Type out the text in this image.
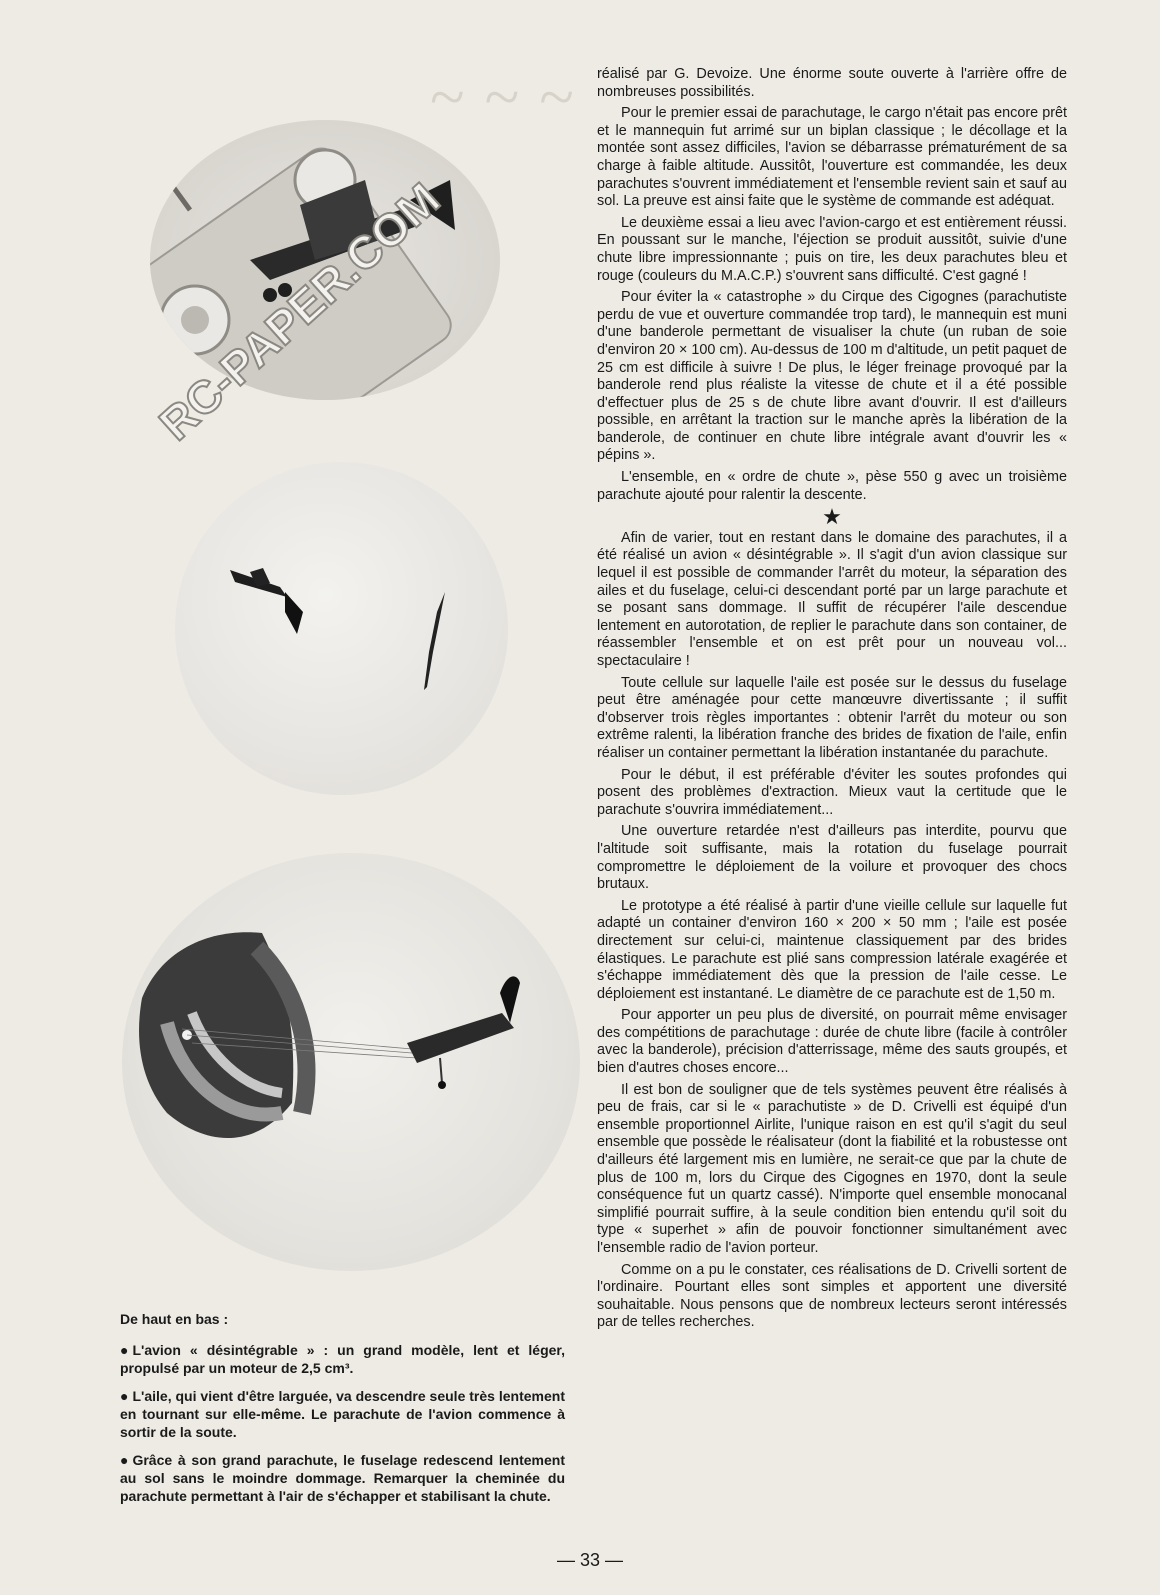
~ ~ ~
RC-PAPER.COM
De haut en bas :

● L'avion « désintégrable » : un grand modèle, lent et léger, propulsé par un moteur de 2,5 cm³.

● L'aile, qui vient d'être larguée, va descendre seule très lentement en tournant sur elle-même. Le parachute de l'avion commence à sortir de la soute.

● Grâce à son grand parachute, le fuselage redescend lentement au sol sans le moindre dommage. Remarquer la cheminée du parachute permettant à l'air de s'échapper et stabilisant la chute.

réalisé par G. Devoize. Une énorme soute ouverte à l'arrière offre de nombreuses possibilités.

Pour le premier essai de parachutage, le cargo n'était pas encore prêt et le mannequin fut arrimé sur un biplan classique ; le décollage et la montée sont assez difficiles, l'avion se débarrasse prématurément de sa charge à faible altitude. Aussitôt, l'ouverture est commandée, les deux parachutes s'ouvrent immédiatement et l'ensemble revient sain et sauf au sol. La preuve est ainsi faite que le système de commande est adéquat.

Le deuxième essai a lieu avec l'avion-cargo et est entièrement réussi. En poussant sur le manche, l'éjection se produit aussitôt, suivie d'une chute libre impressionnante ; puis on tire, les deux parachutes bleu et rouge (couleurs du M.A.C.P.) s'ouvrent sans difficulté. C'est gagné !

Pour éviter la « catastrophe » du Cirque des Cigognes (parachutiste perdu de vue et ouverture commandée trop tard), le mannequin est muni d'une banderole permettant de visualiser la chute (un ruban de soie d'environ 20 × 100 cm). Au-dessus de 100 m d'altitude, un petit paquet de 25 cm est difficile à suivre ! De plus, le léger freinage provoqué par la banderole rend plus réaliste la vitesse de chute et il a été possible d'effectuer plus de 25 s de chute libre avant d'ouvrir. Il est d'ailleurs possible, en arrêtant la traction sur le manche après la libération de la banderole, de continuer en chute libre intégrale avant d'ouvrir les « pépins ».

L'ensemble, en « ordre de chute », pèse 550 g avec un troisième parachute ajouté pour ralentir la descente.

★

Afin de varier, tout en restant dans le domaine des parachutes, il a été réalisé un avion « désintégrable ». Il s'agit d'un avion classique sur lequel il est possible de commander l'arrêt du moteur, la séparation des ailes et du fuselage, celui-ci descendant porté par un large parachute et se posant sans dommage. Il suffit de récupérer l'aile descendue lentement en autorotation, de replier le parachute dans son container, de réassembler l'ensemble et on est prêt pour un nouveau vol... spectaculaire !

Toute cellule sur laquelle l'aile est posée sur le dessus du fuselage peut être aménagée pour cette manœuvre divertissante ; il suffit d'observer trois règles importantes : obtenir l'arrêt du moteur ou son extrême ralenti, la libération franche des brides de fixation de l'aile, enfin réaliser un container permettant la libération instantanée du parachute.

Pour le début, il est préférable d'éviter les soutes profondes qui posent des problèmes d'extraction. Mieux vaut la certitude que le parachute s'ouvrira immédiatement...

Une ouverture retardée n'est d'ailleurs pas interdite, pourvu que l'altitude soit suffisante, mais la rotation du fuselage pourrait compromettre le déploiement de la voilure et provoquer des chocs brutaux.

Le prototype a été réalisé à partir d'une vieille cellule sur laquelle fut adapté un container d'environ 160 × 200 × 50 mm ; l'aile est posée directement sur celui-ci, maintenue classiquement par des brides élastiques. Le parachute est plié sans compression latérale exagérée et s'échappe immédiatement dès que la pression de l'aile cesse. Le déploiement est instantané. Le diamètre de ce parachute est de 1,50 m.

Pour apporter un peu plus de diversité, on pourrait même envisager des compétitions de parachutage : durée de chute libre (facile à contrôler avec la banderole), précision d'atterrissage, même des sauts groupés, et bien d'autres choses encore...

Il est bon de souligner que de tels systèmes peuvent être réalisés à peu de frais, car si le « parachutiste » de D. Crivelli est équipé d'un ensemble proportionnel Airlite, l'unique raison en est qu'il s'agit du seul ensemble que possède le réalisateur (dont la fiabilité et la robustesse ont d'ailleurs été largement mis en lumière, ne serait-ce que par la chute de plus de 100 m, lors du Cirque des Cigognes en 1970, dont la seule conséquence fut un quartz cassé). N'importe quel ensemble monocanal simplifié pourrait suffire, à la seule condition bien entendu qu'il soit du type « superhet » afin de pouvoir fonctionner simultanément avec l'ensemble radio de l'avion porteur.

Comme on a pu le constater, ces réalisations de D. Crivelli sortent de l'ordinaire. Pourtant elles sont simples et apportent une diversité souhaitable. Nous pensons que de nombreux lecteurs seront intéressés par de telles recherches.

— 33 —
